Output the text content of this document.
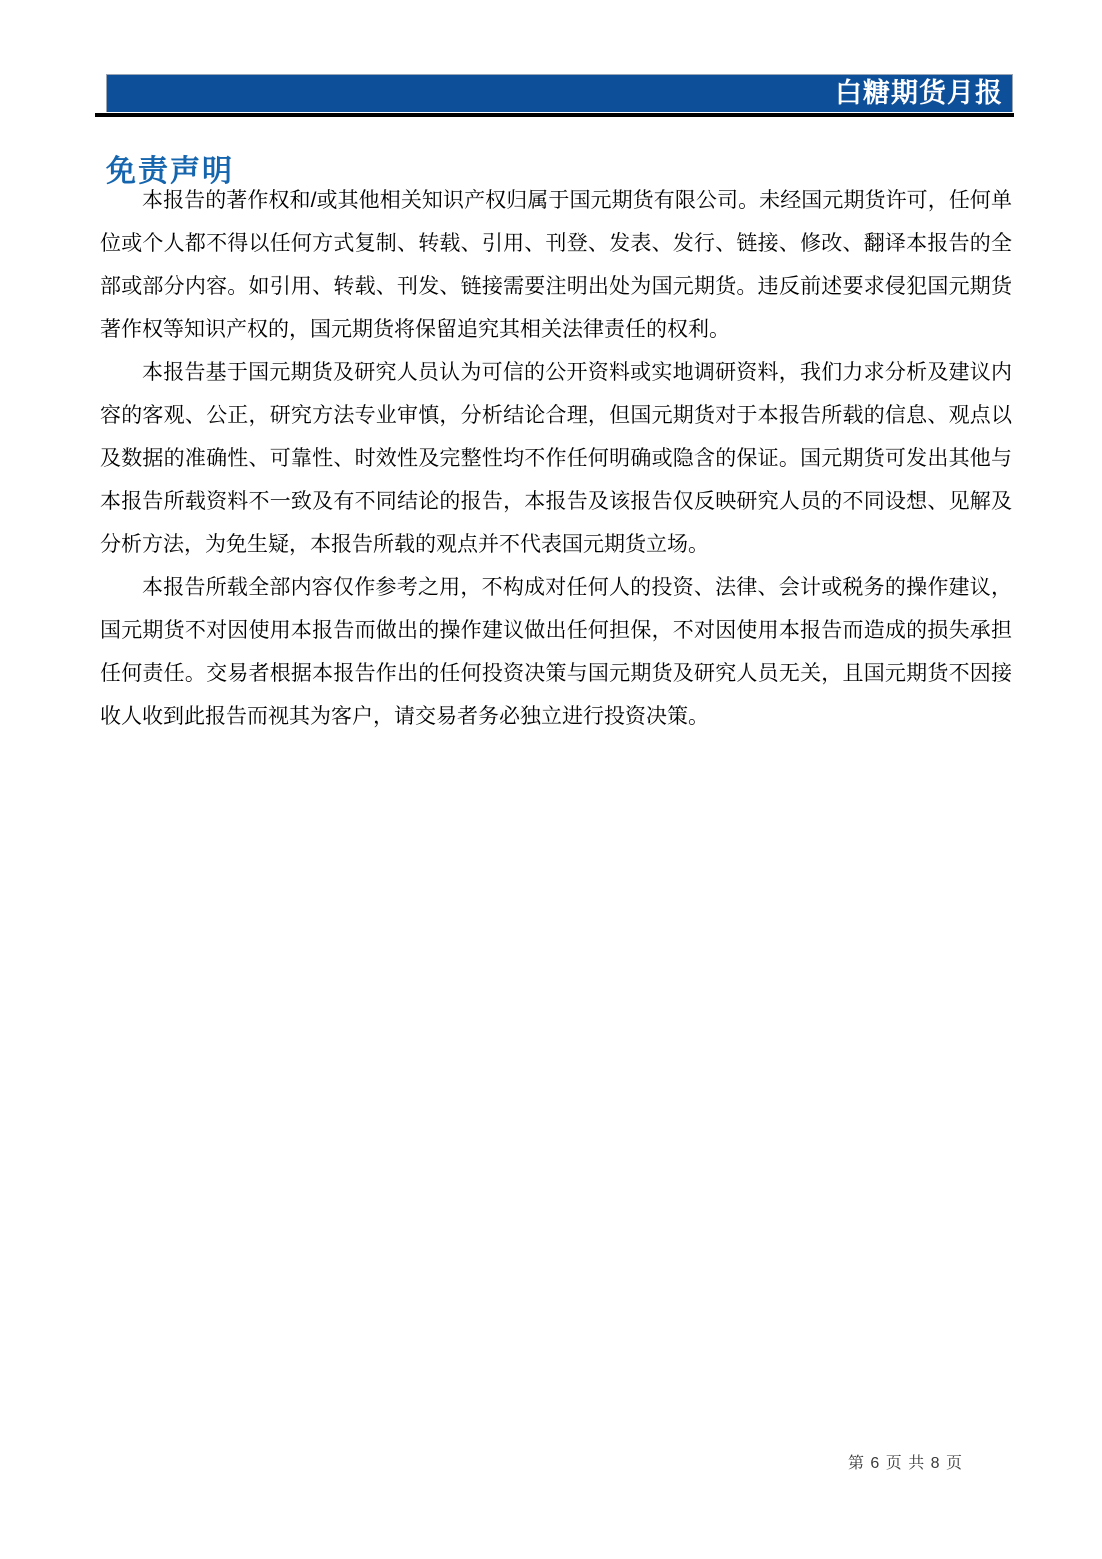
白糖期货月报
免责声明

本报告的著作权和/或其他相关知识产权归属于国元期货有限公司。未经国元期货许可，任何单位或个人都不得以任何方式复制、转载、引用、刊登、发表、发行、链接、修改、翻译本报告的全部或部分内容。如引用、转载、刊发、链接需要注明出处为国元期货。违反前述要求侵犯国元期货著作权等知识产权的，国元期货将保留追究其相关法律责任的权利。

本报告基于国元期货及研究人员认为可信的公开资料或实地调研资料，我们力求分析及建议内容的客观、公正，研究方法专业审慎，分析结论合理，但国元期货对于本报告所载的信息、观点以及数据的准确性、可靠性、时效性及完整性均不作任何明确或隐含的保证。国元期货可发出其他与本报告所载资料不一致及有不同结论的报告，本报告及该报告仅反映研究人员的不同设想、见解及分析方法，为免生疑，本报告所载的观点并不代表国元期货立场。

本报告所载全部内容仅作参考之用，不构成对任何人的投资、法律、会计或税务的操作建议，国元期货不对因使用本报告而做出的操作建议做出任何担保，不对因使用本报告而造成的损失承担任何责任。交易者根据本报告作出的任何投资决策与国元期货及研究人员无关，且国元期货不因接收人收到此报告而视其为客户，请交易者务必独立进行投资决策。

第 6 页 共 8 页
